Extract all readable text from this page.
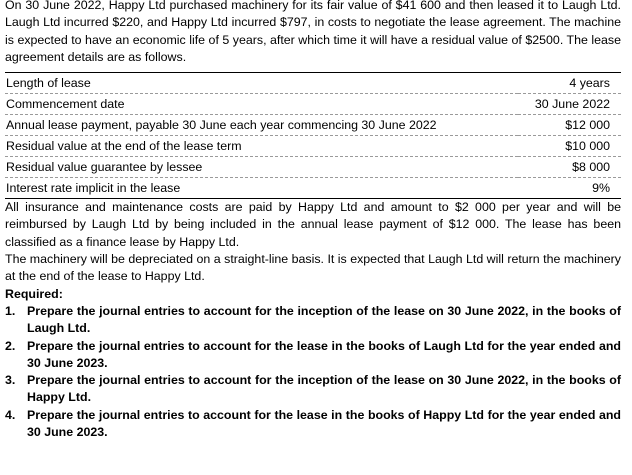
On 30 June 2022, Happy Ltd purchased machinery for its fair value of $41 600 and then leased it to Laugh Ltd. Laugh Ltd incurred $220, and Happy Ltd incurred $797, in costs to negotiate the lease agreement. The machine is expected to have an economic life of 5 years, after which time it will have a residual value of $2500. The lease agreement details are as follows.

Length of lease	4 years
Commencement date	30 June 2022
Annual lease payment, payable 30 June each year commencing 30 June 2022	$12 000
Residual value at the end of the lease term	$10 000
Residual value guarantee by lessee	$8 000
Interest rate implicit in the lease	9%

All insurance and maintenance costs are paid by Happy Ltd and amount to $2 000 per year and will be reimbursed by Laugh Ltd by being included in the annual lease payment of $12 000. The lease has been classified as a finance lease by Happy Ltd.

The machinery will be depreciated on a straight-line basis. It is expected that Laugh Ltd will return the machinery at the end of the lease to Happy Ltd.

Required:

1. Prepare the journal entries to account for the inception of the lease on 30 June 2022, in the books of Laugh Ltd.
2. Prepare the journal entries to account for the lease in the books of Laugh Ltd for the year ended and 30 June 2023.
3. Prepare the journal entries to account for the inception of the lease on 30 June 2022, in the books of Happy Ltd.
4. Prepare the journal entries to account for the lease in the books of Happy Ltd for the year ended and 30 June 2023.
